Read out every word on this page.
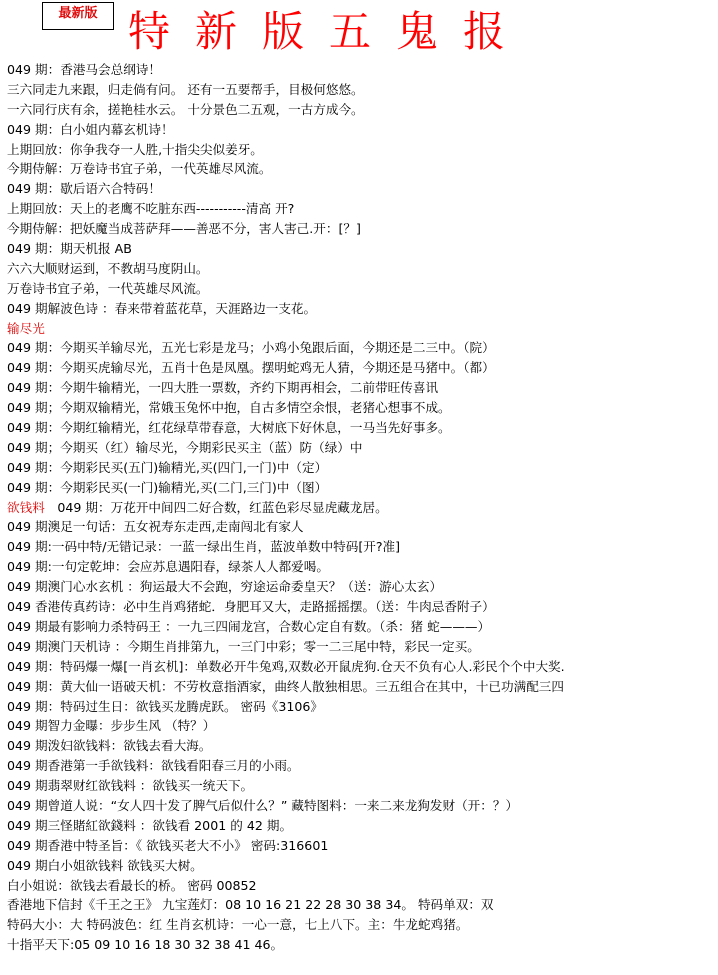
最新版 特新版五鬼报
049 期：香港马会总纲诗！
三六同走九来跟，归走倘有问。 还有一五要帮手，目极何悠悠。
一六同行庆有余，搓艳桂水云。 十分景色二五观，一古方成今。
049 期：白小姐内幕玄机诗！
上期回放：你争我夺一人胜,十指尖尖似姜牙。
今期侍解：万卷诗书宜子弟，一代英雄尽风流。
049 期：歇后语六合特码！
上期回放：天上的老鹰不吃脏东西-----------清高 开?
今期侍解：把妖魔当成菩萨拜——善恶不分，害人害己.开：[？]
049 期：期天机报 AB
六六大顺财运到，不教胡马度阴山。
万卷诗书宜子弟，一代英雄尽风流。
049 期解波色诗 ：春来带着蓝花草，天涯路边一支花。
输尽光
049 期：今期买羊输尽光，五光七彩是龙马；小鸡小兔跟后面，今期还是二三中。（院）
049 期：今期买虎输尽光，五肖十色是凤凰。摆明蛇鸡无人猜，今期还是马猪中。（都）
049 期：今期牛输精光，一四大胜一票数，齐约下期再相会，二前带旺传喜讯
049 期；今期双输精光，常娥玉兔怀中抱，自古多情空余恨，老猪心想事不成。
049 期：今期红输精光，红花绿草带春意，大树底下好休息，一马当先好事多。
049 期；今期买（红）输尽光，今期彩民买主（蓝）防（绿）中
049 期：今期彩民买(五门)输精光,买(四门,一门)中（定）
049 期：今期彩民买(一门)输精光,买(二门,三门)中（图）
欲钱料　049 期：万花开中间四二好合数，红蓝色彩尽显虎藏龙居。
049 期澳足一句话：五女祝寿东走西,走南闯北有家人
049 期:一码中特/无错记录：一蓝一绿出生肖，蓝波单数中特码[开?准]
049 期:一句定乾坤：会应苏息遇阳春，绿茶人人都爱喝。
049 期澳门心水玄机 ：狗运最大不会跑，穷途运命委皇天？（送：游心太玄）
049 香港传真药诗：必中生肖鸡猪蛇．身肥耳又大，走路摇摇摆。（送：牛肉忌香附子）
049 期最有影响力杀特码王 ：一九三四闹龙宫，合数心定自有数。（杀：猪 蛇———）
049 期澳门天机诗 ：今期生肖排第九，一三门中彩；零一二三尾中特，彩民一定买。
049 期：特码爆一爆[一肖玄机]：单数必开牛兔鸡,双数必开鼠虎狗.仓天不负有心人.彩民个个中大奖.
049 期：黄大仙一语破天机：不劳枚意指酒家，曲终人散独相思。三五组合在其中，十已功满配三四
049 期：特码过生日：欲钱买龙腾虎跃。 密码《3106》
049 期智力金曝：步步生风 （特？）
049 期泼妇欲钱料：欲钱去看大海。
049 期香港第一手欲钱料：欲钱看阳春三月的小雨。
049 期翡翠财红欲钱料 ：欲钱买一统天下。
049 期曾道人说：“女人四十发了脾气后似什么？” 藏特图料：一来二来龙狗发财（开：？）
049 期三怪賭紅欲錢料 ：欲钱看 2001 的 42 期。
049 期香港中特圣旨：《 欲钱买老大不小》 密码:316601
049 期白小姐欲钱料 欲钱买大树。
白小姐说：欲钱去看最长的桥。 密码 00852
香港地下信封《千王之王》 九宝莲灯：08 10 16 21 22 28 30 38 34。 特码单双：双
特码大小：大 特码波色：红 生肖玄机诗：一心一意，七上八下。主：牛龙蛇鸡猪。
十指平天下:05 09 10 16 18 30 32 38 41 46。
